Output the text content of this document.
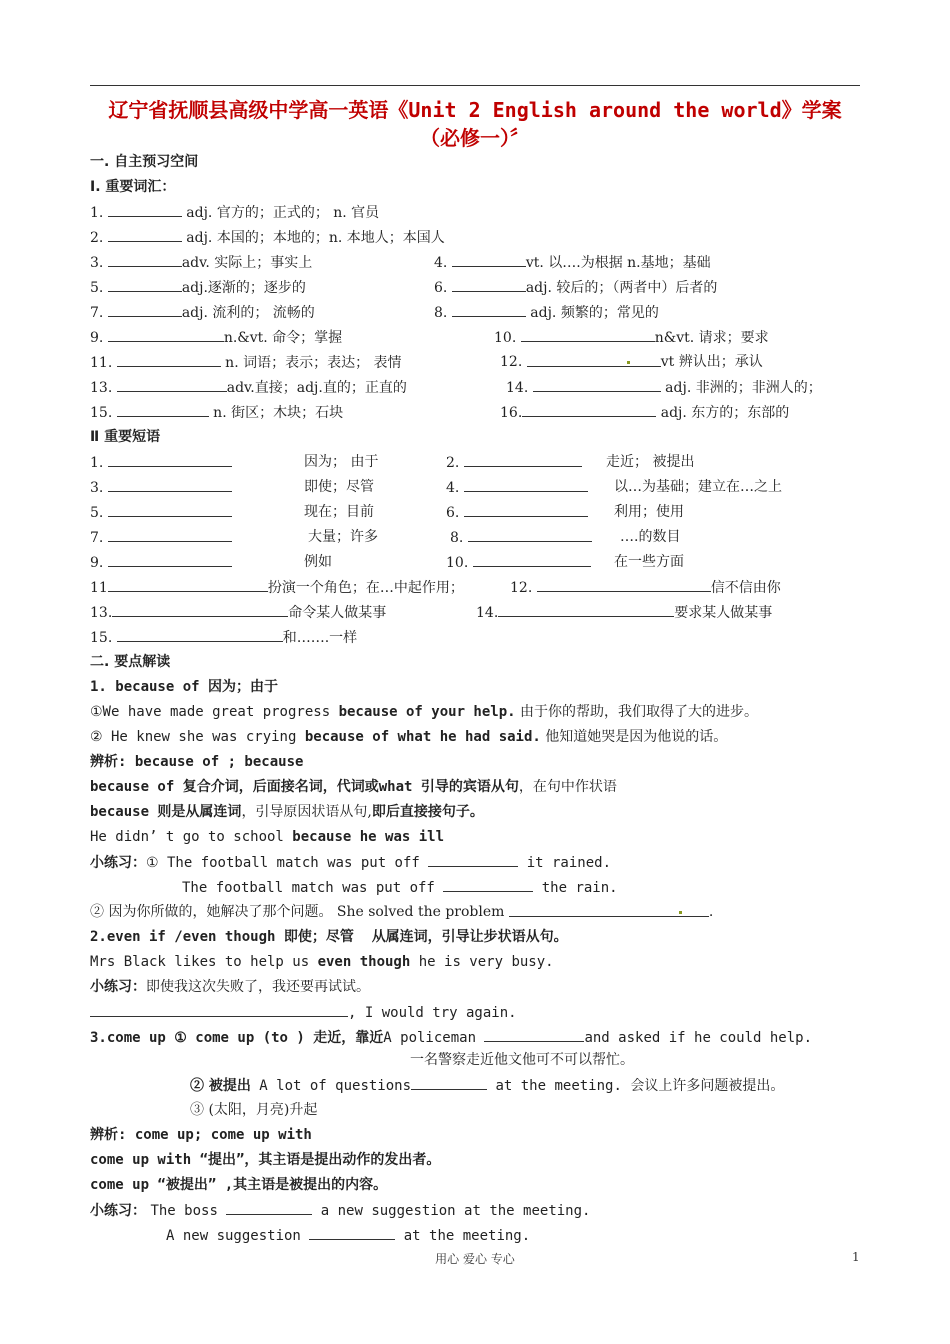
辽宁省抚顺县高级中学高一英语《Unit 2 English around the world》学案（必修一）〞
一. 自主预习空间
Ⅰ. 重要词汇：
1.	adj. 官方的；正式的； n. 官员
2.	adj. 本国的；本地的；n. 本地人；本国人
3.	adv. 实际上；事实上	4.	vt. 以….为根据 n.基地；基础
5.	adj.逐渐的；逐步的	6.	adj. 较后的；（两者中）后者的
7.	adj. 流利的； 流畅的	8.	adj. 频繁的；常见的
9.	n.&vt. 命令；掌握	10.	n&vt. 请求；要求
11.	n. 词语；表示；表达； 表情	12.	vt 辨认出；承认
13.	adv.直接；adj.直的；正直的	14.	adj. 非洲的；非洲人的；
15.	n. 街区；木块；石块	16.	adj. 东方的；东部的
Ⅱ 重要短语
1.	因为； 由于	2.	走近； 被提出
3.	即使；尽管	4.	以…为基础；建立在…之上
5.	现在；目前	6.	利用；使用
7.	大量；许多	8.	….的数目
9.	例如	10.	在一些方面
11	扮演一个角色；在…中起作用；	12.	信不信由你
13.	命令某人做某事	14.	要求某人做某事
15.	和…….一样
二. 要点解读
1. because of 因为；由于
①We have made great progress because of your help. 由于你的帮助，我们取得了大的进步。
② He knew she was crying because of what he had said. 他知道她哭是因为他说的话。
辨析: because of ; because
because of 复合介词，后面接名词，代词或what 引导的宾语从句，在句中作状语
because 则是从属连词，引导原因状语从句,即后直接接句子。
He didn’ t go to school because he was ill
小练习：① The football match was put off	it rained.
The football match was put off	the rain.
② 因为你所做的，她解决了那个问题。 She solved the problem	.
2.even if /even though 即使；尽管 从属连词，引导让步状语从句。
Mrs Black likes to help us even though he is very busy.
小练习：即使我这次失败了，我还要再试试。
, I would try again.
3.come up ① come up (to ) 走近，靠近A policeman	and asked if he could help.
一名警察走近他文他可不可以帮忙。
② 被提出 A lot of questions	at the meeting. 会议上许多问题被提出。
③ (太阳，月亮)升起
辨析: come up; come up with
come up with “提出”，其主语是提出动作的发出者。
come up “被提出” ,其主语是被提出的内容。
小练习： The boss	a new suggestion at the meeting.
A new suggestion	at the meeting.
用心 爱心 专心	1
